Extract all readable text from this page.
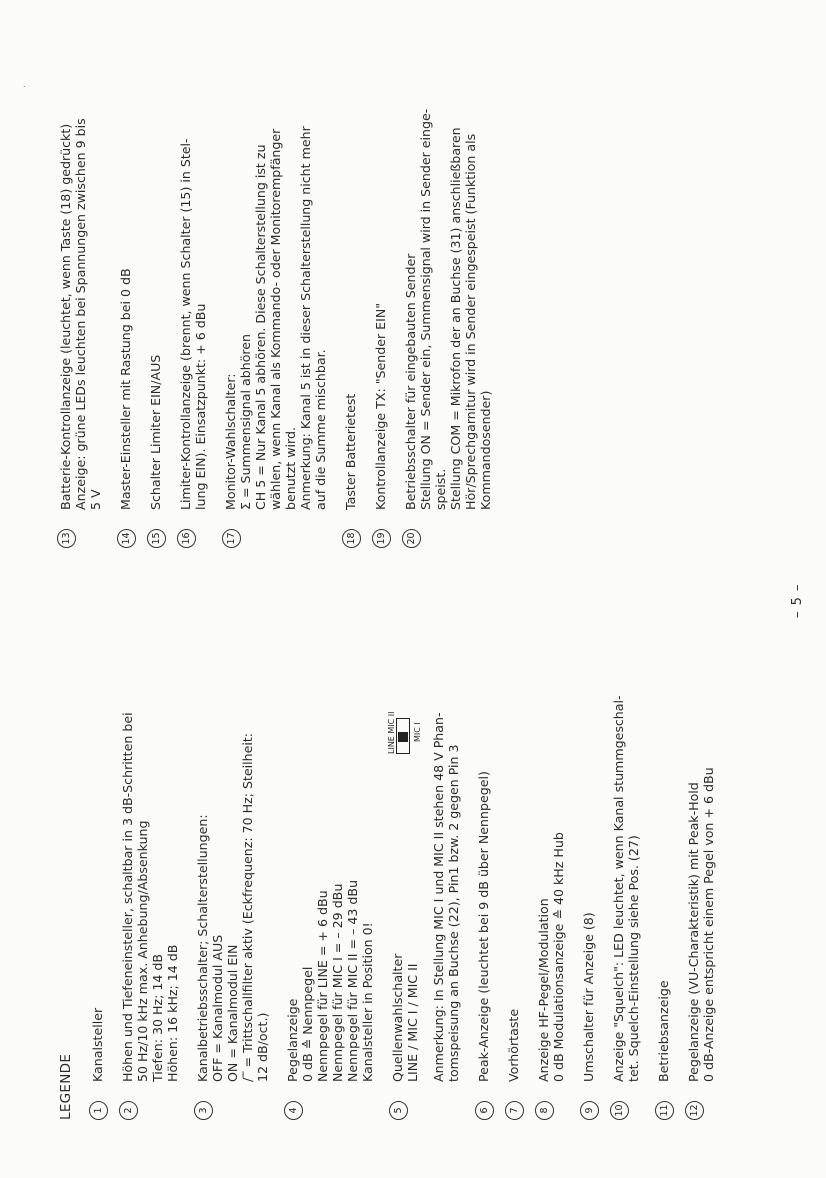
LEGENDE	1
Kanalsteller
2
Höhen und Tiefeneinsteller, schaltbar in 3 dB-Schritten bei 50 Hz/10 kHz max. Anhebung/Absenkung Tiefen: 30 Hz; 14 dB Höhen: 16 kHz; 14 dB
3
Kanalbetriebsschalter; Schalterstellungen: OFF = Kanalmodul AUS ON = Kanalmodul EIN /‾ = Trittschallfilter aktiv (Eckfrequenz: 70 Hz; Steilheit: 12 dB/oct.)
4
Pegelanzeige 0 dB ≙ Nennpegel Nennpegel für LINE = + 6 dBu Nennpegel für MIC I = – 29 dBu Nennpegel für MIC II = – 43 dBu Kanalsteller in Position 0!
5
Quellenwahlschalter LINE / MIC I / MIC II
LINE MIC II	MIC I Anmerkung: In Stellung MIC I und MIC II stehen 48 V Phan- tomspeisung an Buchse (22), Pin1 bzw. 2 gegen Pin 3
6
Peak-Anzeige (leuchtet bei 9 dB über Nennpegel)
7
Vorhörtaste
8
Anzeige HF-Pegel/Modulation 0 dB Modulationsanzeige ≙ 40 kHz Hub
9
Umschalter für Anzeige (8)
10
Anzeige "Squelch": LED leuchtet, wenn Kanal stummgeschal- tet. Squelch-Einstellung siehe Pos. (27)
11
Betriebsanzeige
12
Pegelanzeige (VU-Charakteristik) mit Peak-Hold 0 dB-Anzeige entspricht einem Pegel von + 6 dBu
13
Batterie-Kontrollanzeige (leuchtet, wenn Taste (18) gedrückt) Anzeige: grüne LEDs leuchten bei Spannungen zwischen 9 bis 5 V
14
Master-Einsteller mit Rastung bei 0 dB
15
Schalter Limiter EIN/AUS
16
Limiter-Kontrollanzeige (brennt, wenn Schalter (15) in Stel- lung EIN). Einsatzpunkt: + 6 dBu
17
Monitor-Wahlschalter: Σ = Summensignal abhören CH 5 = Nur Kanal 5 abhören. Diese Schalterstellung ist zu wählen, wenn Kanal als Kommando- oder Monitorempfänger benutzt wird. Anmerkung: Kanal 5 ist in dieser Schalterstellung nicht mehr auf die Summe mischbar.
18
Taster Batterietest
19
Kontrollanzeige TX: "Sender EIN"
20
Betriebsschalter für eingebauten Sender Stellung ON = Sender ein, Summensignal wird in Sender einge- speist. Stellung COM = Mikrofon der an Buchse (31) anschließbaren Hör/Sprechgarnitur wird in Sender eingespeist (Funktion als Kommandosender)
– 5 –
·
